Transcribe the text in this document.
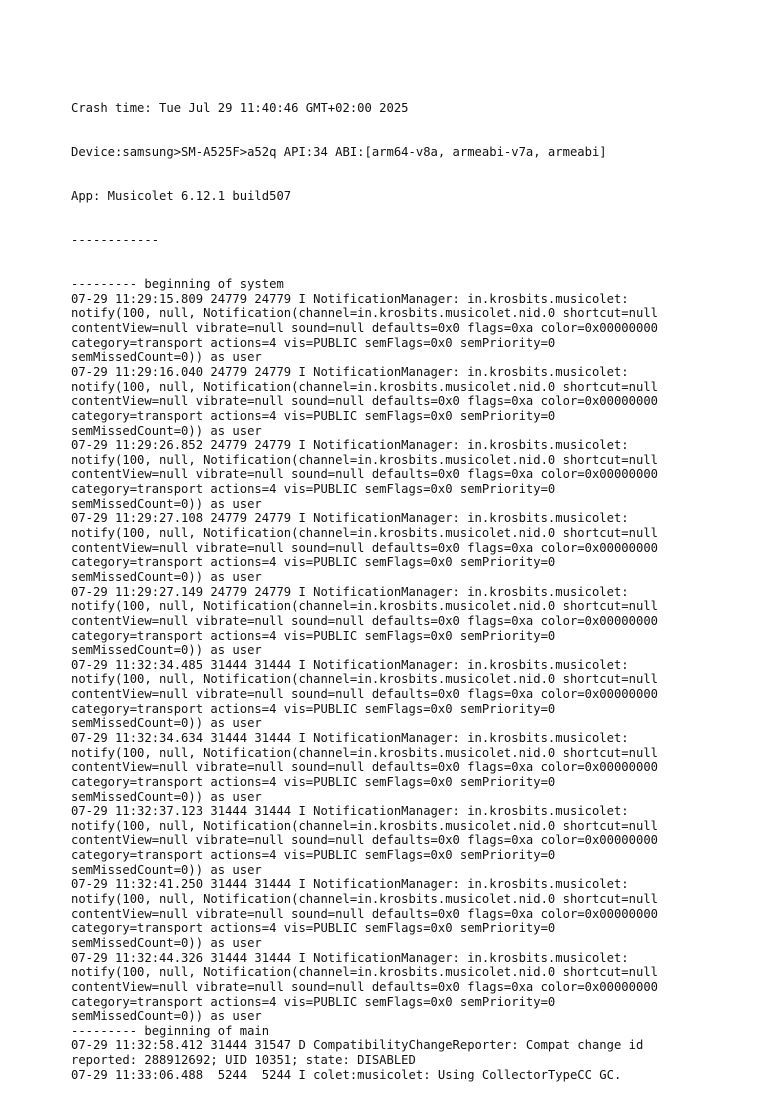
Crash time: Tue Jul 29 11:40:46 GMT+02:00 2025

Device:samsung>SM-A525F>a52q API:34 ABI:[arm64-v8a, armeabi-v7a, armeabi]

App: Musicolet 6.12.1 build507

------------

--------- beginning of system
07-29 11:29:15.809 24779 24779 I NotificationManager: in.krosbits.musicolet:
notify(100, null, Notification(channel=in.krosbits.musicolet.nid.0 shortcut=null
contentView=null vibrate=null sound=null defaults=0x0 flags=0xa color=0x00000000
category=transport actions=4 vis=PUBLIC semFlags=0x0 semPriority=0
semMissedCount=0)) as user
07-29 11:29:16.040 24779 24779 I NotificationManager: in.krosbits.musicolet:
notify(100, null, Notification(channel=in.krosbits.musicolet.nid.0 shortcut=null
contentView=null vibrate=null sound=null defaults=0x0 flags=0xa color=0x00000000
category=transport actions=4 vis=PUBLIC semFlags=0x0 semPriority=0
semMissedCount=0)) as user
07-29 11:29:26.852 24779 24779 I NotificationManager: in.krosbits.musicolet:
notify(100, null, Notification(channel=in.krosbits.musicolet.nid.0 shortcut=null
contentView=null vibrate=null sound=null defaults=0x0 flags=0xa color=0x00000000
category=transport actions=4 vis=PUBLIC semFlags=0x0 semPriority=0
semMissedCount=0)) as user
07-29 11:29:27.108 24779 24779 I NotificationManager: in.krosbits.musicolet:
notify(100, null, Notification(channel=in.krosbits.musicolet.nid.0 shortcut=null
contentView=null vibrate=null sound=null defaults=0x0 flags=0xa color=0x00000000
category=transport actions=4 vis=PUBLIC semFlags=0x0 semPriority=0
semMissedCount=0)) as user
07-29 11:29:27.149 24779 24779 I NotificationManager: in.krosbits.musicolet:
notify(100, null, Notification(channel=in.krosbits.musicolet.nid.0 shortcut=null
contentView=null vibrate=null sound=null defaults=0x0 flags=0xa color=0x00000000
category=transport actions=4 vis=PUBLIC semFlags=0x0 semPriority=0
semMissedCount=0)) as user
07-29 11:32:34.485 31444 31444 I NotificationManager: in.krosbits.musicolet:
notify(100, null, Notification(channel=in.krosbits.musicolet.nid.0 shortcut=null
contentView=null vibrate=null sound=null defaults=0x0 flags=0xa color=0x00000000
category=transport actions=4 vis=PUBLIC semFlags=0x0 semPriority=0
semMissedCount=0)) as user
07-29 11:32:34.634 31444 31444 I NotificationManager: in.krosbits.musicolet:
notify(100, null, Notification(channel=in.krosbits.musicolet.nid.0 shortcut=null
contentView=null vibrate=null sound=null defaults=0x0 flags=0xa color=0x00000000
category=transport actions=4 vis=PUBLIC semFlags=0x0 semPriority=0
semMissedCount=0)) as user
07-29 11:32:37.123 31444 31444 I NotificationManager: in.krosbits.musicolet:
notify(100, null, Notification(channel=in.krosbits.musicolet.nid.0 shortcut=null
contentView=null vibrate=null sound=null defaults=0x0 flags=0xa color=0x00000000
category=transport actions=4 vis=PUBLIC semFlags=0x0 semPriority=0
semMissedCount=0)) as user
07-29 11:32:41.250 31444 31444 I NotificationManager: in.krosbits.musicolet:
notify(100, null, Notification(channel=in.krosbits.musicolet.nid.0 shortcut=null
contentView=null vibrate=null sound=null defaults=0x0 flags=0xa color=0x00000000
category=transport actions=4 vis=PUBLIC semFlags=0x0 semPriority=0
semMissedCount=0)) as user
07-29 11:32:44.326 31444 31444 I NotificationManager: in.krosbits.musicolet:
notify(100, null, Notification(channel=in.krosbits.musicolet.nid.0 shortcut=null
contentView=null vibrate=null sound=null defaults=0x0 flags=0xa color=0x00000000
category=transport actions=4 vis=PUBLIC semFlags=0x0 semPriority=0
semMissedCount=0)) as user
--------- beginning of main
07-29 11:32:58.412 31444 31547 D CompatibilityChangeReporter: Compat change id
reported: 288912692; UID 10351; state: DISABLED
07-29 11:33:06.488  5244  5244 I colet:musicolet: Using CollectorTypeCC GC.
